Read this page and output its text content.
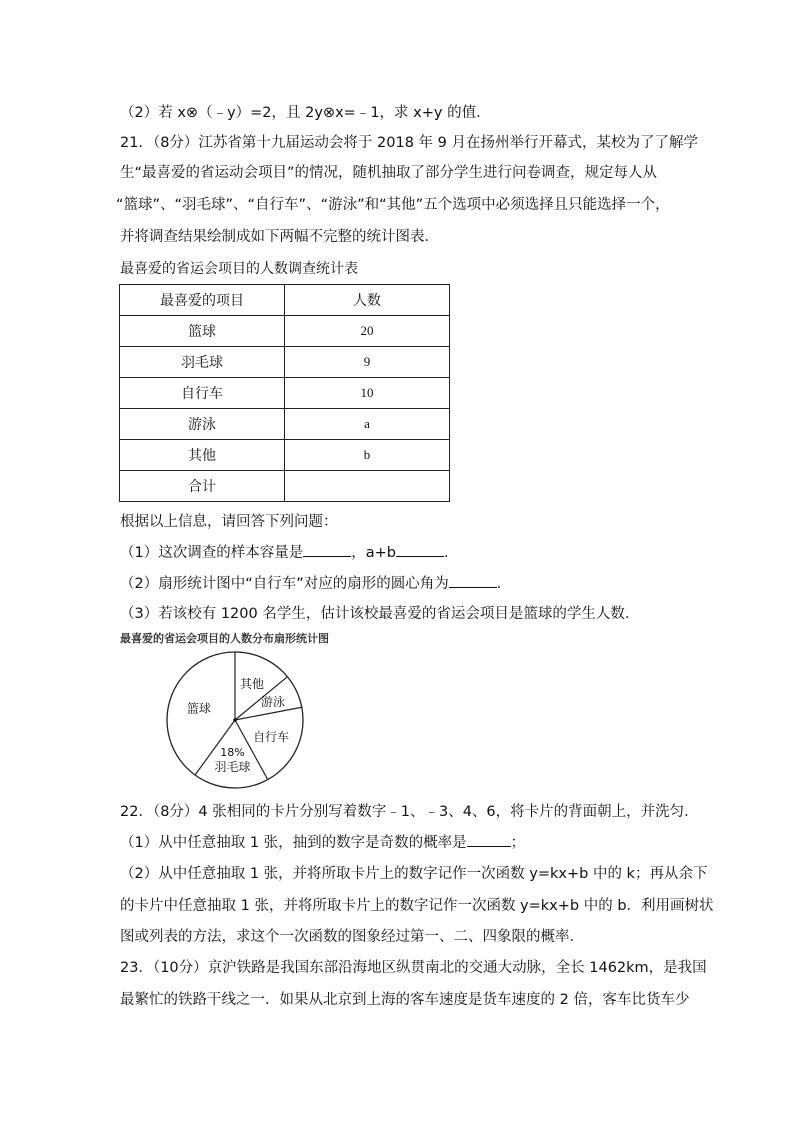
（2）若 x⊗（﹣y）=2，且 2y⊗x=﹣1，求 x+y 的值．
21．（8分）江苏省第十九届运动会将于 2018 年 9 月在扬州举行开幕式，某校为了了解学
生“最喜爱的省运动会项目”的情况，随机抽取了部分学生进行问卷调查，规定每人从
“篮球”、“羽毛球”、“自行车”、“游泳”和“其他”五个选项中必须选择且只能选择一个，
并将调查结果绘制成如下两幅不完整的统计图表．
最喜爱的省运会项目的人数调查统计表
最喜爱的项目	人数
篮球	20
羽毛球	9
自行车	10
游泳	a
其他	b
合计	
根据以上信息，请回答下列问题：
（1）这次调查的样本容量是	，a+b	．
（2）扇形统计图中“自行车”对应的扇形的圆心角为	．
（3）若该校有 1200 名学生，估计该校最喜爱的省运会项目是篮球的学生人数．
最喜爱的省运会项目的人数分布扇形统计图
其他
游泳
自行车
18%
羽毛球
篮球
22．（8分）4 张相同的卡片分别写着数字﹣1、﹣3、4、6，将卡片的背面朝上，并洗匀．
（1）从中任意抽取 1 张，抽到的数字是奇数的概率是	；
（2）从中任意抽取 1 张，并将所取卡片上的数字记作一次函数 y=kx+b 中的 k；再从余下
的卡片中任意抽取 1 张，并将所取卡片上的数字记作一次函数 y=kx+b 中的 b．利用画树状
图或列表的方法，求这个一次函数的图象经过第一、二、四象限的概率．
23．（10分）京沪铁路是我国东部沿海地区纵贯南北的交通大动脉，全长 1462km，是我国
最繁忙的铁路干线之一．如果从北京到上海的客车速度是货车速度的 2 倍，客车比货车少
